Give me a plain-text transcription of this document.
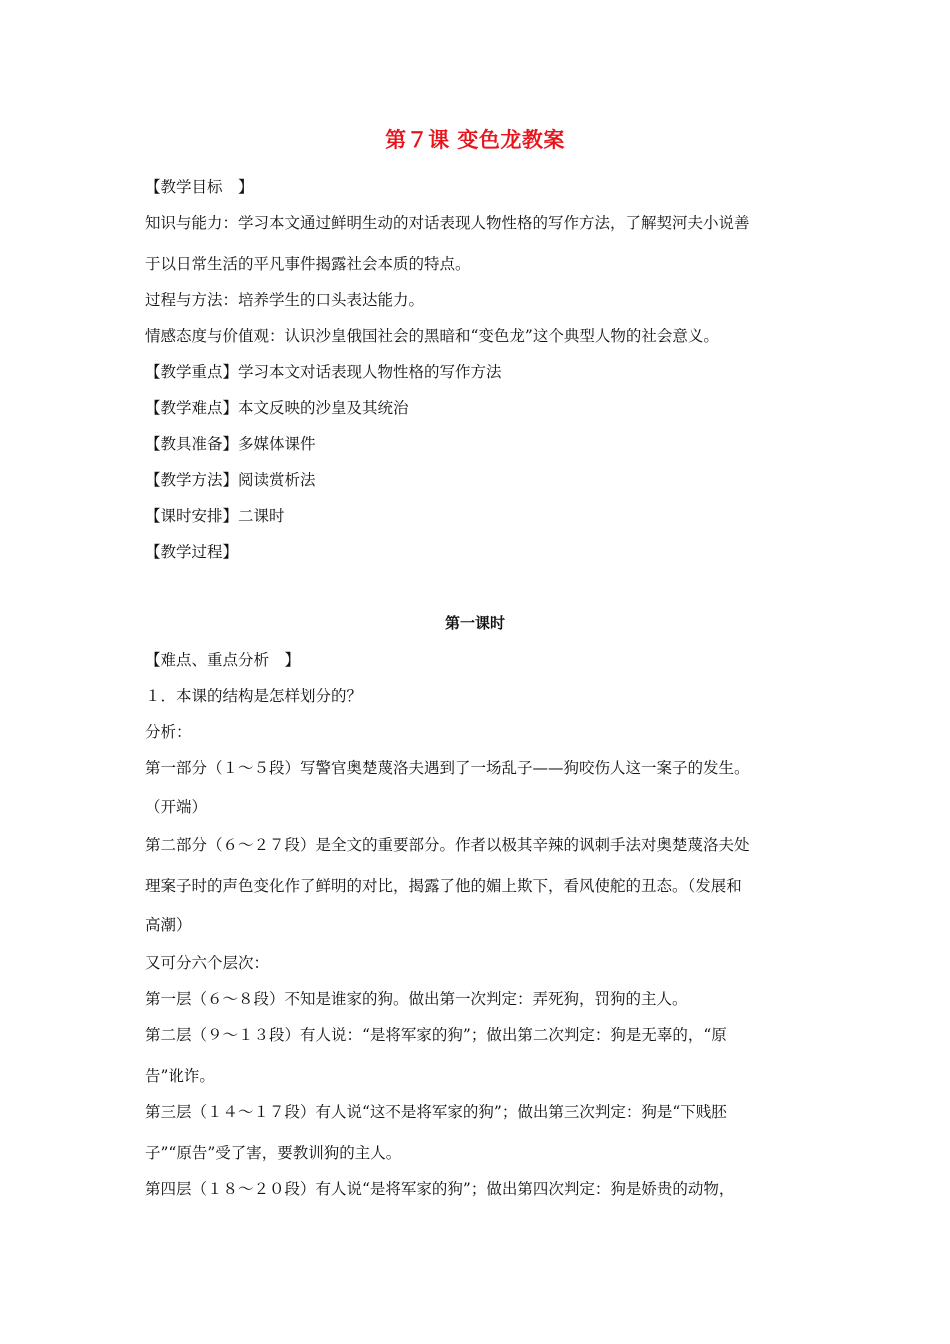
第７课 变色龙教案
【教学目标　】
知识与能力：学习本文通过鲜明生动的对话表现人物性格的写作方法，了解契河夫小说善
于以日常生活的平凡事件揭露社会本质的特点。
过程与方法：培养学生的口头表达能力。
情感态度与价值观：认识沙皇俄国社会的黑暗和“变色龙”这个典型人物的社会意义。
【教学重点】学习本文对话表现人物性格的写作方法
【教学难点】本文反映的沙皇及其统治
【教具准备】多媒体课件
【教学方法】阅读赏析法
【课时安排】二课时
【教学过程】
第一课时
【难点、重点分析　】
１．本课的结构是怎样划分的？
分析：
第一部分（１～５段）写警官奥楚蔑洛夫遇到了一场乱子——狗咬伤人这一案子的发生。
（开端）
第二部分（６～２７段）是全文的重要部分。作者以极其辛辣的讽刺手法对奥楚蔑洛夫处
理案子时的声色变化作了鲜明的对比，揭露了他的媚上欺下，看风使舵的丑态。（发展和
高潮）
又可分六个层次：
第一层（６～８段）不知是谁家的狗。做出第一次判定：弄死狗，罚狗的主人。
第二层（９～１３段）有人说：“是将军家的狗”；做出第二次判定：狗是无辜的，“原
告”讹诈。
第三层（１４～１７段）有人说“这不是将军家的狗”；做出第三次判定：狗是“下贱胚
子”“原告”受了害，要教训狗的主人。
第四层（１８～２０段）有人说“是将军家的狗”；做出第四次判定：狗是娇贵的动物，
